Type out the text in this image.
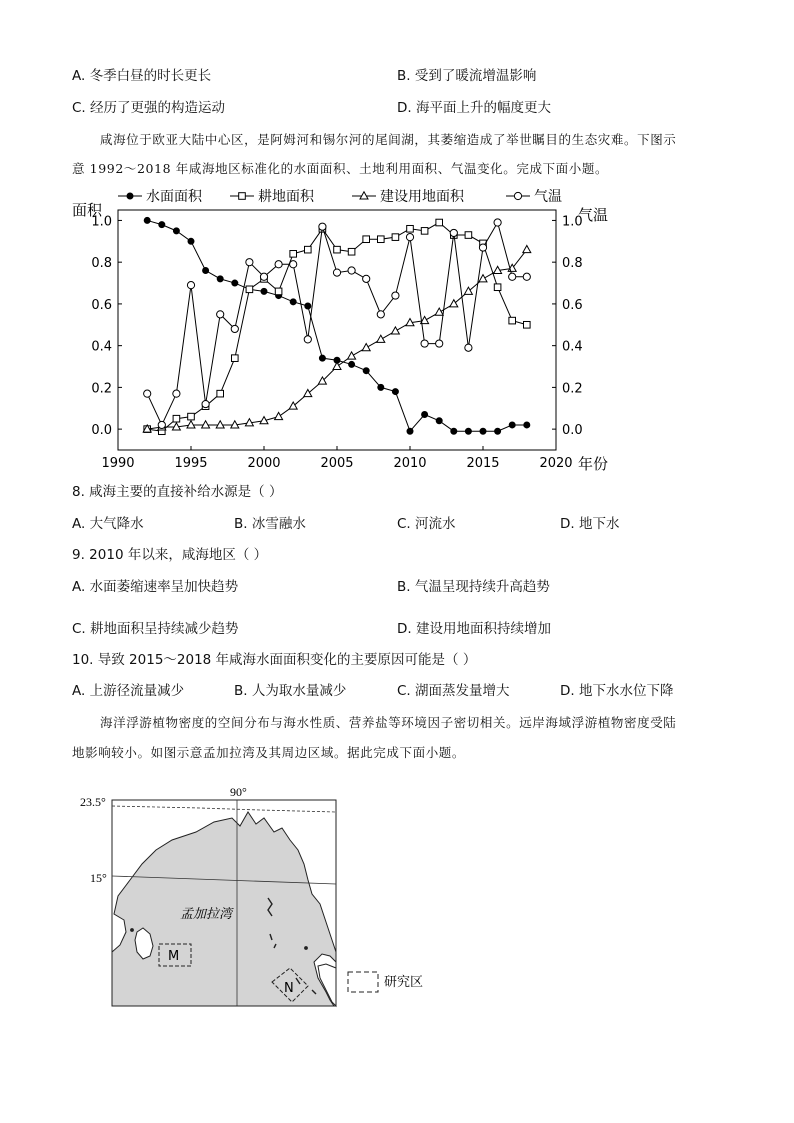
A. 冬季白昼的时长更长	B. 受到了暖流增温影响
C. 经历了更强的构造运动	D. 海平面上升的幅度更大
咸海位于欧亚大陆中心区，是阿姆河和锡尔河的尾闾湖，其萎缩造成了举世瞩目的生态灾难。下图示
意 1992～2018 年咸海地区标准化的水面面积、土地利用面积、气温变化。完成下面小题。
1990	1995	2000	2005	2010	2015	2020
0.0	0.0
0.2	0.2
0.4	0.4
0.6	0.6
0.8	0.8
1.0	1.0
面积	气温
年份
水面面积	耕地面积	建设用地面积	气温
8. 咸海主要的直接补给水源是（ ）
A. 大气降水	B. 冰雪融水	C. 河流水	D. 地下水
9. 2010 年以来，咸海地区（ ）
A. 水面萎缩速率呈加快趋势	B. 气温呈现持续升高趋势
C. 耕地面积呈持续减少趋势	D. 建设用地面积持续增加
10. 导致 2015～2018 年咸海水面面积变化的主要原因可能是（ ）
A. 上游径流量减少	B. 人为取水量减少	C. 湖面蒸发量增大	D. 地下水水位下降
海洋浮游植物密度的空间分布与海水性质、营养盐等环境因子密切相关。远岸海域浮游植物密度受陆
地影响较小。如图示意孟加拉湾及其周边区域。据此完成下面小题。
23.5°
15°
90°
孟加拉湾
M
N	研究区
